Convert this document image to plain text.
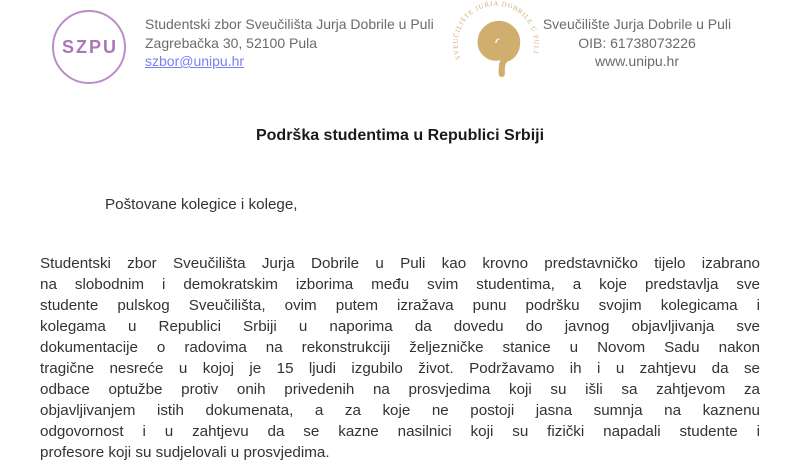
SZPU
Studentski zbor Sveučilišta Jurja Dobrile u Puli
Zagrebačka 30, 52100 Pula
szbor@unipu.hr	SVEUČILIŠTE JURJA DOBRILE U PULI
Sveučilište Jurja Dobrile u Puli
OIB: 61738073226
www.unipu.hr
Podrška studentima u Republici Srbiji
Poštovane kolegice i kolege,
Studentski zbor Sveučilišta Jurja Dobrile u Puli kao krovno predstavničko tijelo izabrano
na slobodnim i demokratskim izborima među svim studentima, a koje predstavlja sve
studente pulskog Sveučilišta, ovim putem izražava punu podršku svojim kolegicama i
kolegama u Republici Srbiji u naporima da dovedu do javnog objavljivanja sve
dokumentacije o radovima na rekonstrukciji željezničke stanice u Novom Sadu nakon
tragične nesreće u kojoj je 15 ljudi izgubilo život. Podržavamo ih i u zahtjevu da se
odbace optužbe protiv onih privedenih na prosvjedima koji su išli sa zahtjevom za
objavljivanjem istih dokumenata, a za koje ne postoji jasna sumnja na kaznenu
odgovornost i u zahtjevu da se kazne nasilnici koji su fizički napadali studente i
profesore koji su sudjelovali u prosvjedima.
